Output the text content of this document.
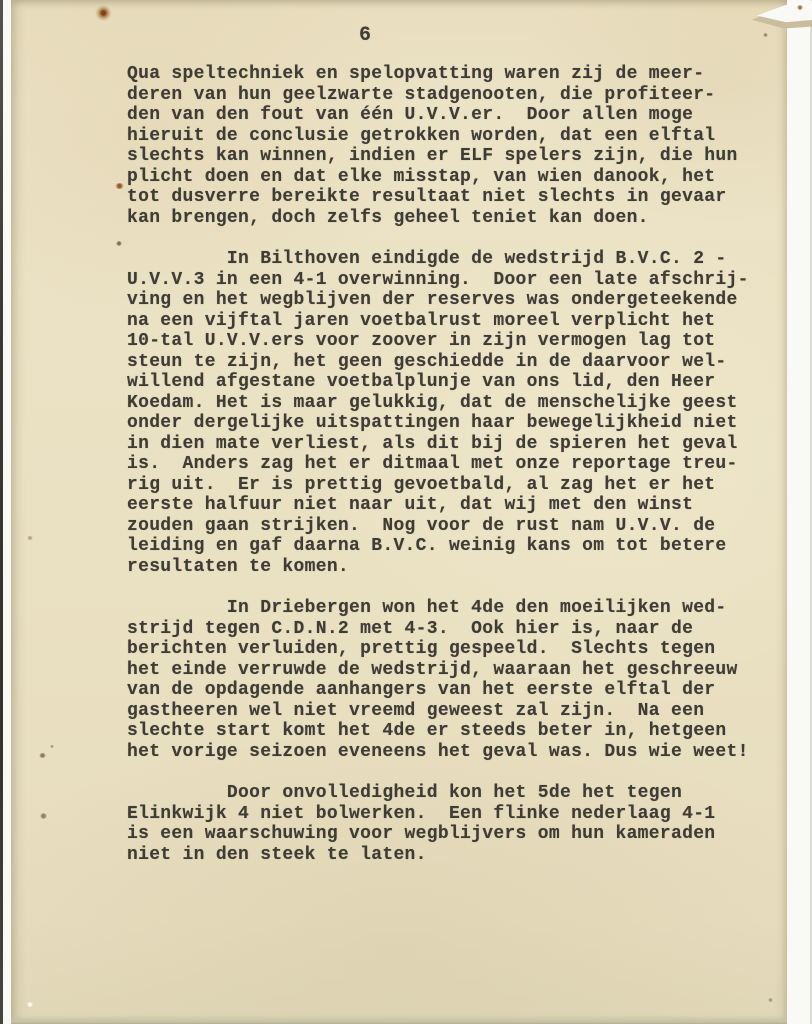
6
Qua speltechniek en spelopvatting waren zij de meer-
deren van hun geelzwarte stadgenooten, die profiteer-
den van den fout van één U.V.V.er.  Door allen moge
hieruit de conclusie getrokken worden, dat een elftal
slechts kan winnen, indien er ELF spelers zijn, die hun
plicht doen en dat elke misstap, van wien danook, het
tot dusverre bereikte resultaat niet slechts in gevaar
kan brengen, doch zelfs geheel teniet kan doen.
In Bilthoven eindigde de wedstrijd B.V.C. 2 -
U.V.V.3 in een 4-1 overwinning.  Door een late afschrij-
ving en het wegblijven der reserves was ondergeteekende
na een vijftal jaren voetbalrust moreel verplicht het
10-tal U.V.V.ers voor zoover in zijn vermogen lag tot
steun te zijn, het geen geschiedde in de daarvoor wel-
willend afgestane voetbalplunje van ons lid, den Heer
Koedam. Het is maar gelukkig, dat de menschelijke geest
onder dergelijke uitspattingen haar bewegelijkheid niet
in dien mate verliest, als dit bij de spieren het geval
is.  Anders zag het er ditmaal met onze reportage treu-
rig uit.  Er is prettig gevoetbald, al zag het er het
eerste halfuur niet naar uit, dat wij met den winst
zouden gaan strijken.  Nog voor de rust nam U.V.V. de
leiding en gaf daarna B.V.C. weinig kans om tot betere
resultaten te komen.
In Driebergen won het 4de den moeilijken wed-
strijd tegen C.D.N.2 met 4-3.  Ook hier is, naar de
berichten verluiden, prettig gespeeld.  Slechts tegen
het einde verruwde de wedstrijd, waaraan het geschreeuw
van de opdagende aanhangers van het eerste elftal der
gastheeren wel niet vreemd geweest zal zijn.  Na een
slechte start komt het 4de er steeds beter in, hetgeen
het vorige seizoen eveneens het geval was. Dus wie weet!
Door onvolledigheid kon het 5de het tegen
Elinkwijk 4 niet bolwerken.  Een flinke nederlaag 4-1
is een waarschuwing voor wegblijvers om hun kameraden
niet in den steek te laten.
